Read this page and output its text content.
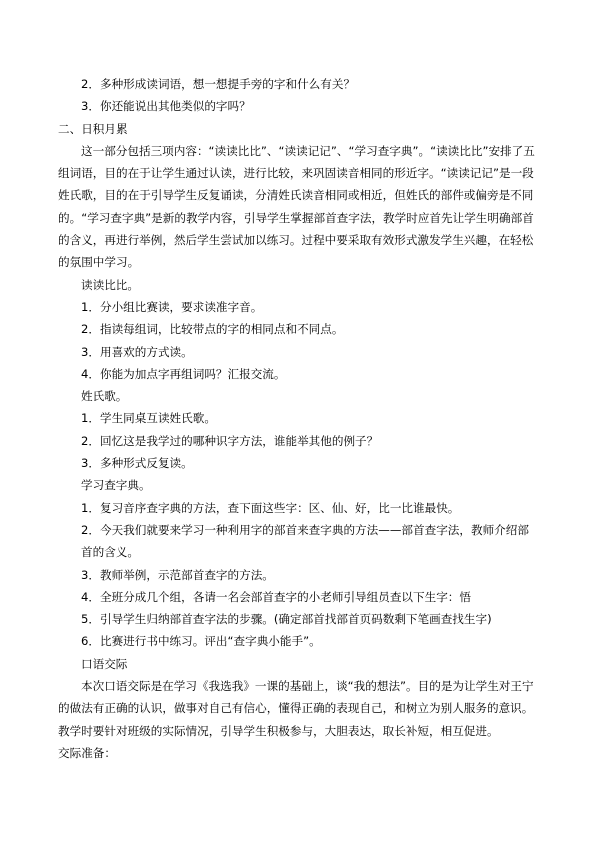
2．多种形成读词语，想一想提手旁的字和什么有关？

3．你还能说出其他类似的字吗？

二、日积月累

这一部分包括三项内容：“读读比比”、“读读记记”、“学习查字典”。“读读比比”安排了五组词语，目的在于让学生通过认读，进行比较，来巩固读音相同的形近字。“读读记记”是一段姓氏歌，目的在于引导学生反复诵读，分清姓氏读音相同或相近，但姓氏的部件或偏旁是不同的。“学习查字典”是新的教学内容，引导学生掌握部首查字法，教学时应首先让学生明确部首的含义，再进行举例，然后学生尝试加以练习。过程中要采取有效形式激发学生兴趣，在轻松的氛围中学习。

读读比比。

1．分小组比赛读，要求读准字音。

2．指读每组词，比较带点的字的相同点和不同点。

3．用喜欢的方式读。

4．你能为加点字再组词吗？汇报交流。

姓氏歌。

1．学生同桌互读姓氏歌。

2．回忆这是我学过的哪种识字方法，谁能举其他的例子？

3．多种形式反复读。

学习查字典。

1．复习音序查字典的方法，查下面这些字：区、仙、好，比一比谁最快。

2．今天我们就要来学习一种利用字的部首来查字典的方法——部首查字法，教师介绍部首的含义。

3．教师举例，示范部首查字的方法。

4．全班分成几个组，各请一名会部首查字的小老师引导组员查以下生字：悟

5．引导学生归纳部首查字法的步骤。(确定部首找部首页码数剩下笔画查找生字)

6．比赛进行书中练习。评出“查字典小能手”。

口语交际

本次口语交际是在学习《我选我》一课的基础上，谈“我的想法”。目的是为让学生对王宁的做法有正确的认识，做事对自己有信心，懂得正确的表现自己，和树立为别人服务的意识。教学时要针对班级的实际情况，引导学生积极参与，大胆表达，取长补短，相互促进。

交际准备：
